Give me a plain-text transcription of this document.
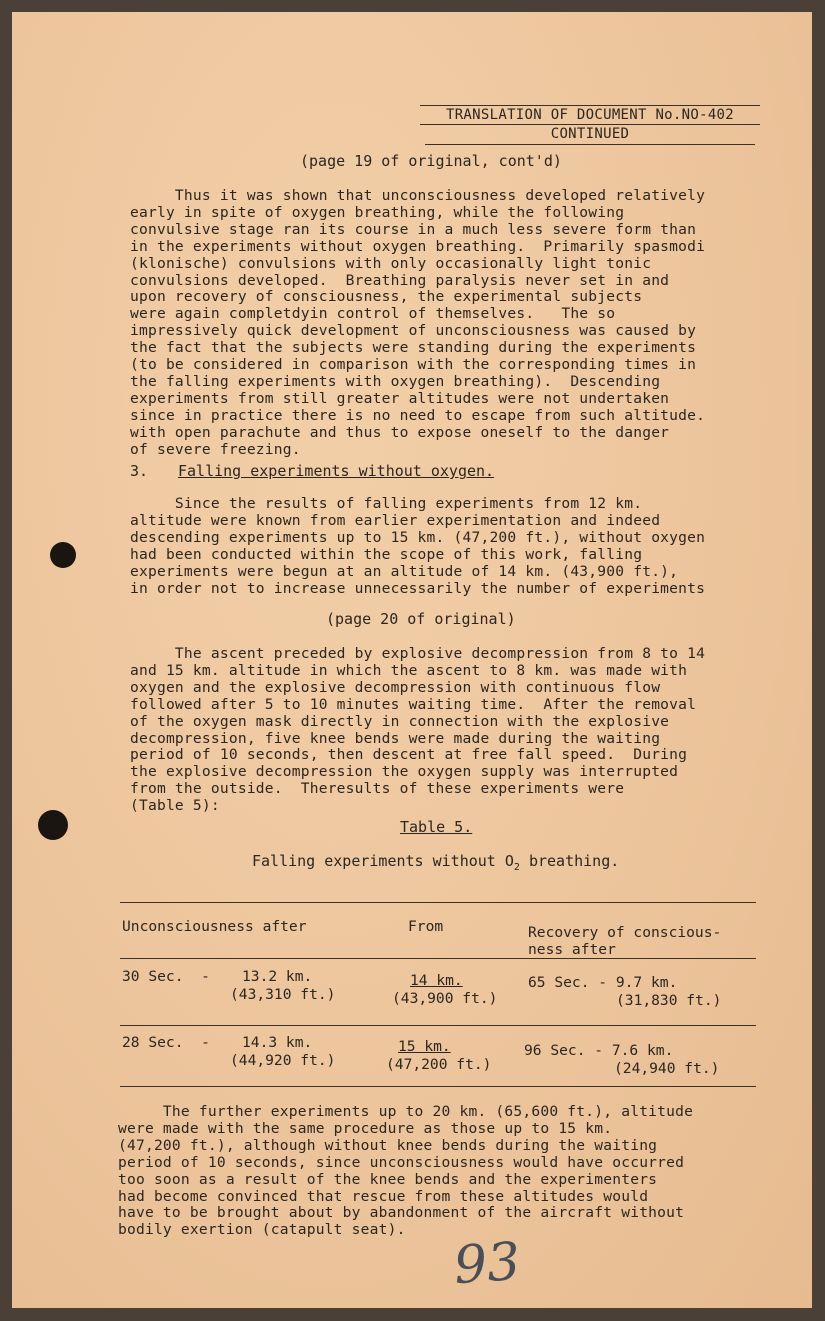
TRANSLATION OF DOCUMENT No.NO-402
CONTINUED
(page 19 of original, cont'd)
Thus it was shown that unconsciousness developed relatively
early in spite of oxygen breathing, while the following
convulsive stage ran its course in a much less severe form than
in the experiments without oxygen breathing.  Primarily spasmodi
(klonische) convulsions with only occasionally light tonic
convulsions developed.  Breathing paralysis never set in and
upon recovery of consciousness, the experimental subjects
were again completdyin control of themselves.   The so
impressively quick development of unconsciousness was caused by
the fact that the subjects were standing during the experiments
(to be considered in comparison with the corresponding times in
the falling experiments with oxygen breathing).  Descending
experiments from still greater altitudes were not undertaken
since in practice there is no need to escape from such altitude.
with open parachute and thus to expose oneself to the danger
of severe freezing.
3. Falling experiments without oxygen.
Since the results of falling experiments from 12 km.
altitude were known from earlier experimentation and indeed
descending experiments up to 15 km. (47,200 ft.), without oxygen
had been conducted within the scope of this work, falling
experiments were begun at an altitude of 14 km. (43,900 ft.),
in order not to increase unnecessarily the number of experiments
(page 20 of original)
The ascent preceded by explosive decompression from 8 to 14
and 15 km. altitude in which the ascent to 8 km. was made with
oxygen and the explosive decompression with continuous flow
followed after 5 to 10 minutes waiting time.  After the removal
of the oxygen mask directly in connection with the explosive
decompression, five knee bends were made during the waiting
period of 10 seconds, then descent at free fall speed.  During
the explosive decompression the oxygen supply was interrupted
from the outside.  Theresults of these experiments were
(Table 5):
Table 5.
Falling experiments without $O_2$ breathing.
Unconsciousness after	From	Recovery of conscious-
ness after
30 Sec.  - 13.2 km.
(43,310 ft.)
14 km.
(43,900 ft.)
65 Sec. - 9.7 km.
(31,830 ft.)
28 Sec.  - 14.3 km.
(44,920 ft.)
15 km.
(47,200 ft.)
96 Sec. - 7.6 km.
(24,940 ft.)
The further experiments up to 20 km. (65,600 ft.), altitude
were made with the same procedure as those up to 15 km.
(47,200 ft.), although without knee bends during the waiting
period of 10 seconds, since unconsciousness would have occurred
too soon as a result of the knee bends and the experimenters
had become convinced that rescue from these altitudes would
have to be brought about by abandonment of the aircraft without
bodily exertion (catapult seat).
93
